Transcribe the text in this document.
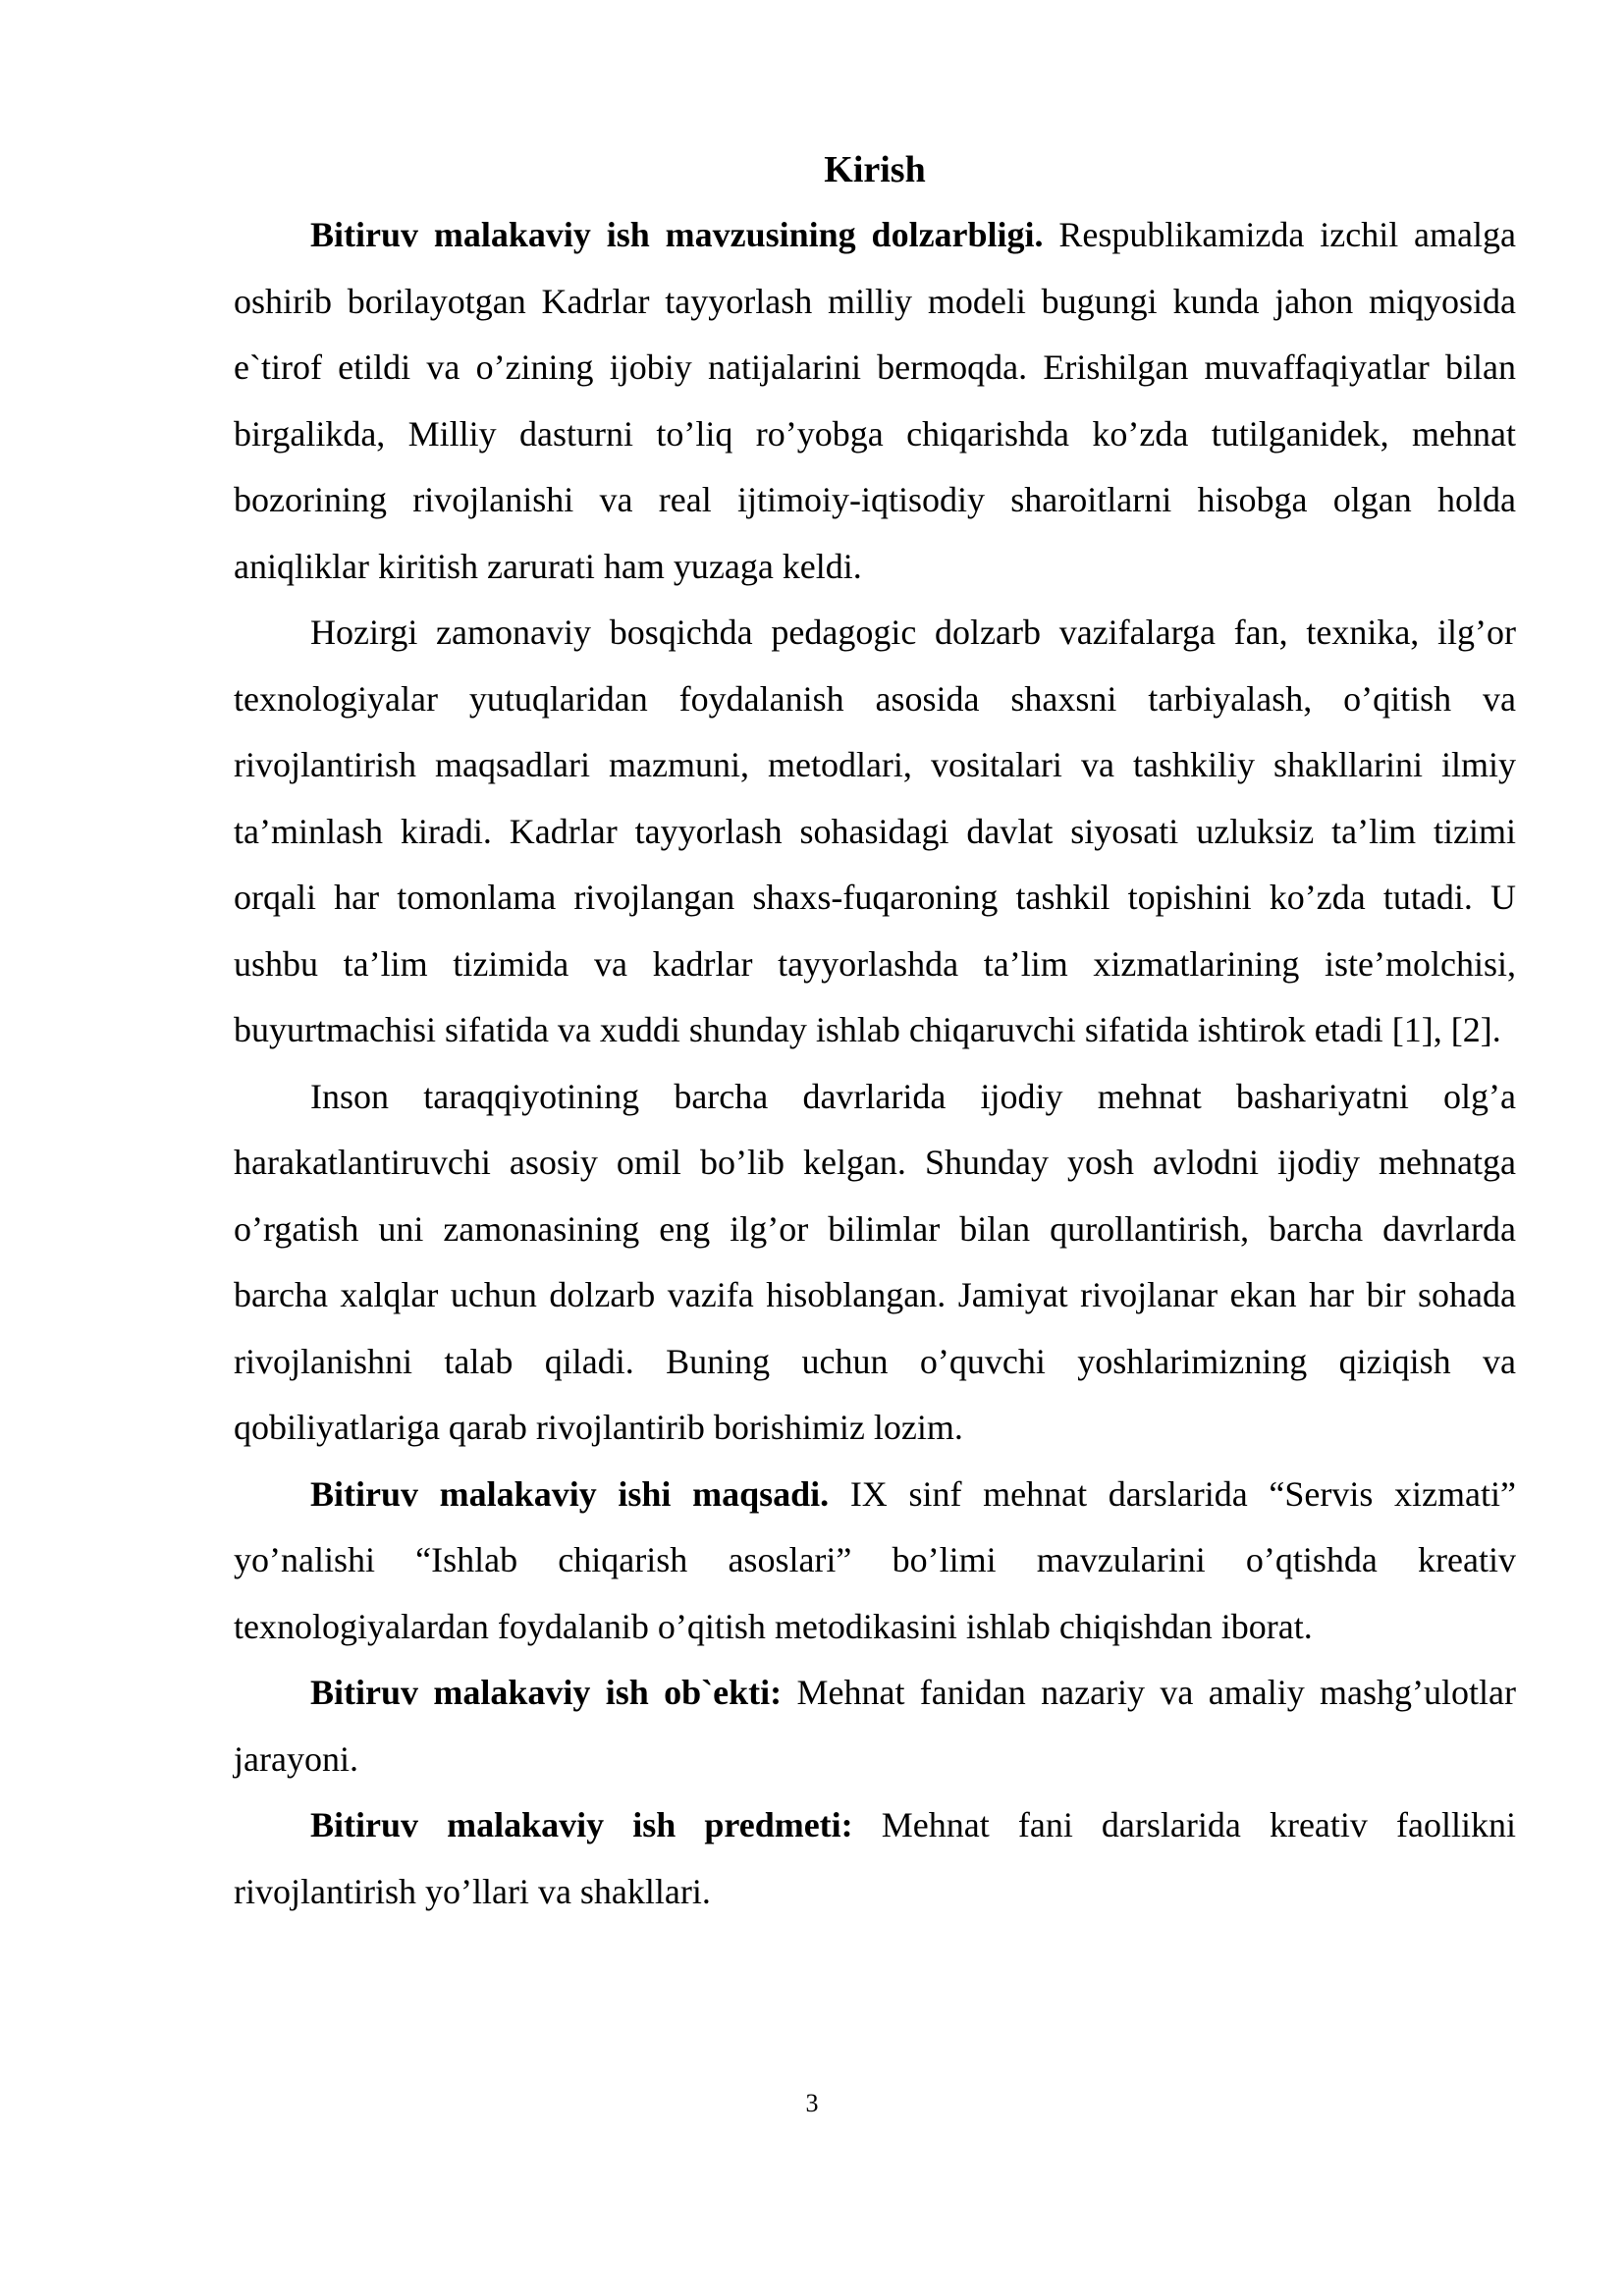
Kirish

Bitiruv malakaviy ish mavzusining dolzarbligi. Respublikamizda izchil amalga oshirib borilayotgan Kadrlar tayyorlash milliy modeli bugungi kunda jahon miqyosida e`tirof etildi va o’zining ijobiy natijalarini bermoqda. Erishilgan muvaffaqiyatlar bilan birgalikda, Milliy dasturni to’liq ro’yobga chiqarishda ko’zda tutilganidek, mehnat bozorining rivojlanishi va real ijtimoiy-iqtisodiy sharoitlarni hisobga olgan holda aniqliklar kiritish zarurati ham yuzaga keldi.

Hozirgi zamonaviy bosqichda pedagogic dolzarb vazifalarga fan, texnika, ilg’or texnologiyalar yutuqlaridan foydalanish asosida shaxsni tarbiyalash, o’qitish va rivojlantirish maqsadlari mazmuni, metodlari, vositalari va tashkiliy shakllarini ilmiy ta’minlash kiradi. Kadrlar tayyorlash sohasidagi davlat siyosati uzluksiz ta’lim tizimi orqali har tomonlama rivojlangan shaxs-fuqaroning tashkil topishini ko’zda tutadi. U ushbu ta’lim tizimida va kadrlar tayyorlashda ta’lim xizmatlarining iste’molchisi, buyurtmachisi sifatida va xuddi shunday ishlab chiqaruvchi sifatida ishtirok etadi [1], [2].

Inson taraqqiyotining barcha davrlarida ijodiy mehnat bashariyatni olg’a harakatlantiruvchi asosiy omil bo’lib kelgan. Shunday yosh avlodni ijodiy mehnatga o’rgatish uni zamonasining eng ilg’or bilimlar bilan qurollantirish, barcha davrlarda barcha xalqlar uchun dolzarb vazifa hisoblangan. Jamiyat rivojlanar ekan har bir sohada rivojlanishni talab qiladi. Buning uchun o’quvchi yoshlarimizning qiziqish va qobiliyatlariga qarab rivojlantirib borishimiz lozim.

Bitiruv malakaviy ishi maqsadi. IX sinf mehnat darslarida “Servis xizmati” yo’nalishi “Ishlab chiqarish asoslari” bo’limi mavzularini o’qtishda kreativ texnologiyalardan foydalanib o’qitish metodikasini ishlab chiqishdan iborat.

Bitiruv malakaviy ish ob`ekti: Mehnat fanidan nazariy va amaliy mashg’ulotlar jarayoni.

Bitiruv malakaviy ish predmeti: Mehnat fani darslarida kreativ faollikni rivojlantirish yo’llari va shakllari.

3
